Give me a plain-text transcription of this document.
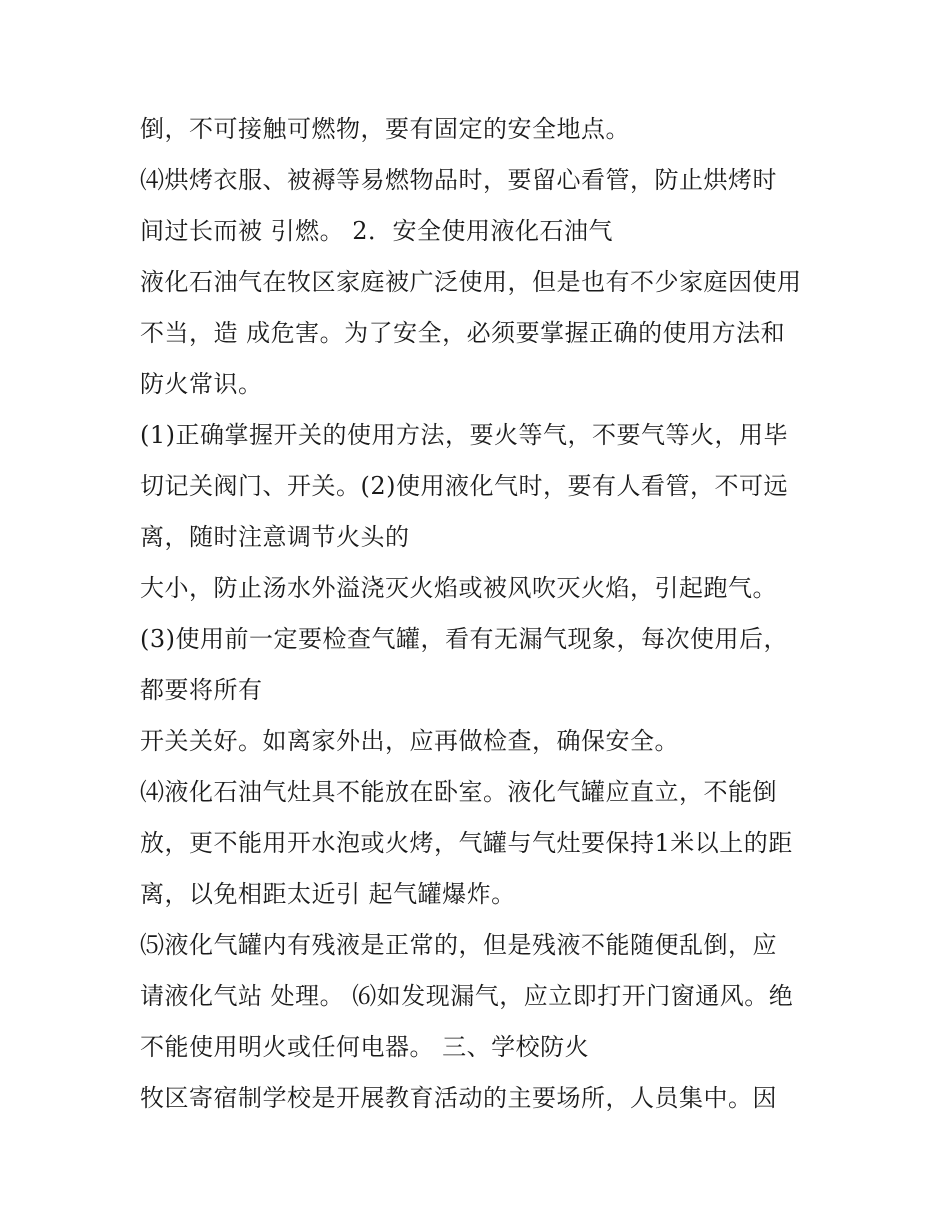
倒，不可接触可燃物，要有固定的安全地点。
⑷烘烤衣服、被褥等易燃物品时，要留心看管，防止烘烤时
间过长而被 引燃。 2．安全使用液化石油气
液化石油气在牧区家庭被广泛使用，但是也有不少家庭因使用
不当，造 成危害。为了安全，必须要掌握正确的使用方法和
防火常识。
(1)正确掌握开关的使用方法，要火等气，不要气等火，用毕
切记关阀门、开关。(2)使用液化气时，要有人看管，不可远
离，随时注意调节火头的
大小，防止汤水外溢浇灭火焰或被风吹灭火焰，引起跑气。
(3)使用前一定要检查气罐，看有无漏气现象，每次使用后，
都要将所有
开关关好。如离家外出，应再做检查，确保安全。
⑷液化石油气灶具不能放在卧室。液化气罐应直立，不能倒
放，更不能用开水泡或火烤，气罐与气灶要保持1米以上的距
离，以免相距太近引 起气罐爆炸。
⑸液化气罐内有残液是正常的，但是残液不能随便乱倒，应
请液化气站 处理。 ⑹如发现漏气，应立即打开门窗通风。绝
不能使用明火或任何电器。 三、学校防火
牧区寄宿制学校是开展教育活动的主要场所，人员集中。因
